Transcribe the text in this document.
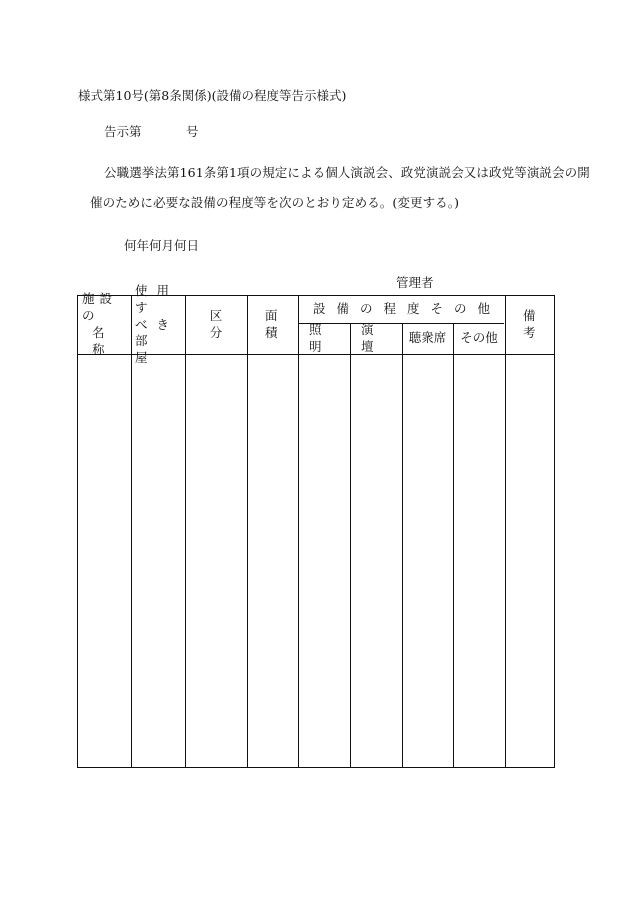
様式第10号(第8条関係)(設備の程度等告示様式)
告示第	号
公職選挙法第161条第1項の規定による個人演説会、政党演説会又は政党等演説会の開
催のために必要な設備の程度等を次のとおり定める。(変更する。)
何年何月何日
管理者
施設の
名称
使用す
べき部
屋
区分
面積
設備の程度その他
照明
演壇
聴衆席 その他
備考
